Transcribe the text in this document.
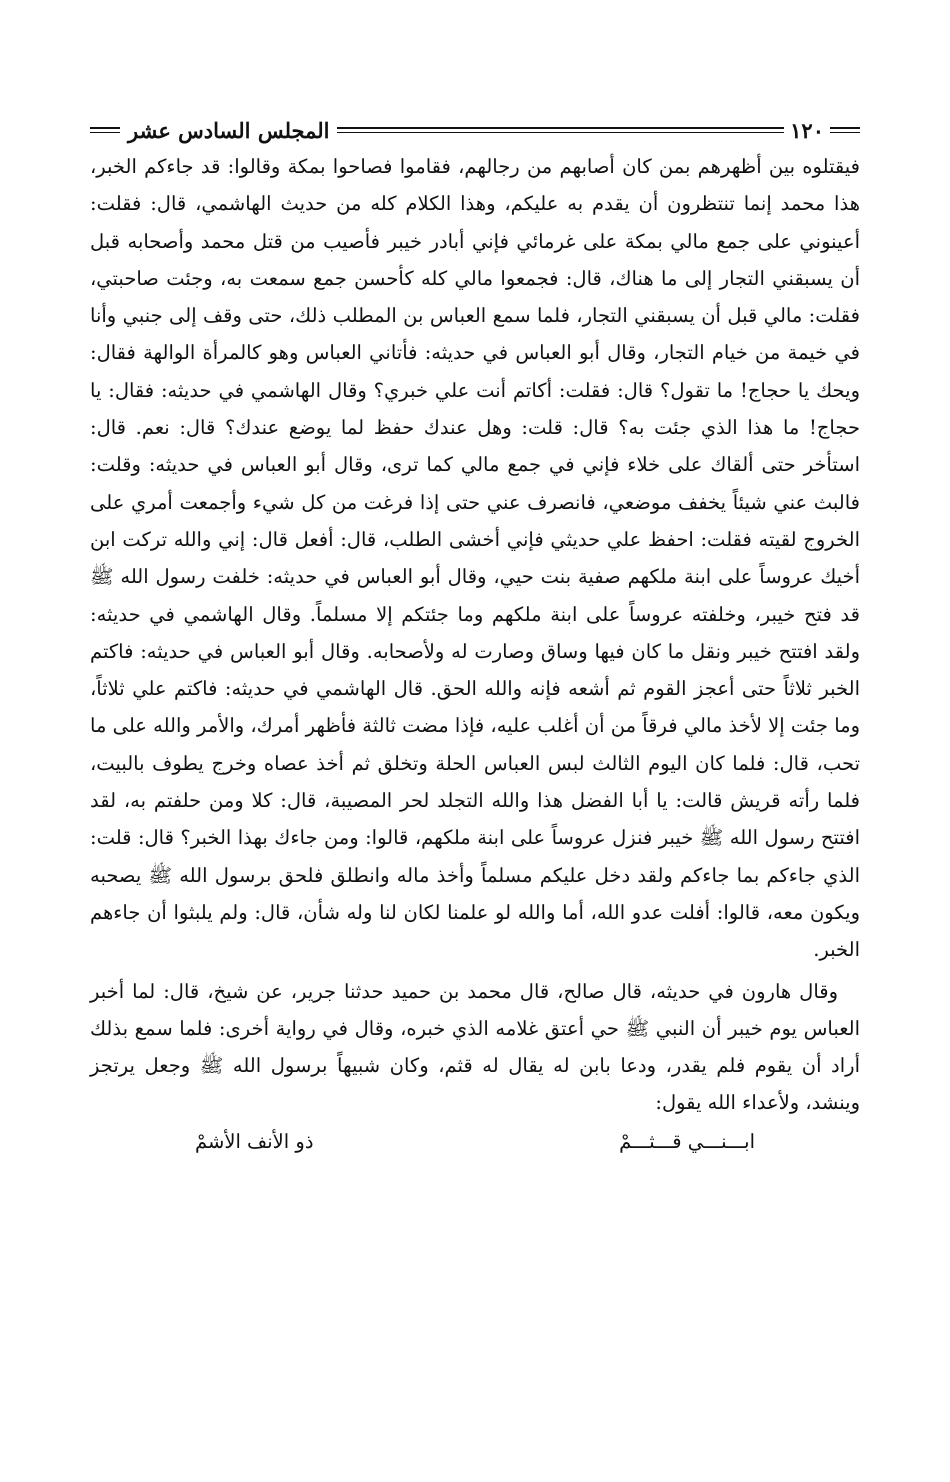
١٢٠
المجلس السادس عشر

فيقتلوه بين أظهرهم بمن كان أصابهم من رجالهم، فقاموا فصاحوا بمكة وقالوا: قد جاءكم الخبر، هذا محمد إنما تنتظرون أن يقدم به عليكم، وهذا الكلام كله من حديث الهاشمي، قال: فقلت: أعينوني على جمع مالي بمكة على غرمائي فإني أبادر خيبر فأصيب من قتل محمد وأصحابه قبل أن يسبقني التجار إلى ما هناك، قال: فجمعوا مالي كله كأحسن جمع سمعت به، وجئت صاحبتي، فقلت: مالي قبل أن يسبقني التجار، فلما سمع العباس بن المطلب ذلك، حتى وقف إلى جنبي وأنا في خيمة من خيام التجار، وقال أبو العباس في حديثه: فأتاني العباس وهو كالمرأة الوالهة فقال: ويحك يا حجاج! ما تقول؟ قال: فقلت: أكاتم أنت علي خبري؟ وقال الهاشمي في حديثه: فقال: يا حجاج! ما هذا الذي جئت به؟ قال: قلت: وهل عندك حفظ لما يوضع عندك؟ قال: نعم. قال: استأخر حتى ألقاك على خلاء فإني في جمع مالي كما ترى، وقال أبو العباس في حديثه: وقلت: فالبث عني شيئاً يخفف موضعي، فانصرف عني حتى إذا فرغت من كل شيء وأجمعت أمري على الخروج لقيته فقلت: احفظ علي حديثي فإني أخشى الطلب، قال: أفعل قال: إني والله تركت ابن أخيك عروساً على ابنة ملكهم صفية بنت حيي، وقال أبو العباس في حديثه: خلفت رسول الله ﷺ قد فتح خيبر، وخلفته عروساً على ابنة ملكهم وما جئتكم إلا مسلماً. وقال الهاشمي في حديثه: ولقد افتتح خيبر ونقل ما كان فيها وساق وصارت له ولأصحابه. وقال أبو العباس في حديثه: فاكتم الخبر ثلاثاً حتى أعجز القوم ثم أشعه فإنه والله الحق. قال الهاشمي في حديثه: فاكتم علي ثلاثاً، وما جئت إلا لأخذ مالي فرقاً من أن أغلب عليه، فإذا مضت ثالثة فأظهر أمرك، والأمر والله على ما تحب، قال: فلما كان اليوم الثالث لبس العباس الحلة وتخلق ثم أخذ عصاه وخرج يطوف بالبيت، فلما رأته قريش قالت: يا أبا الفضل هذا والله التجلد لحر المصيبة، قال: كلا ومن حلفتم به، لقد افتتح رسول الله ﷺ خيبر فنزل عروساً على ابنة ملكهم، قالوا: ومن جاءك بهذا الخبر؟ قال: قلت: الذي جاءكم بما جاءكم ولقد دخل عليكم مسلماً وأخذ ماله وانطلق فلحق برسول الله ﷺ يصحبه ويكون معه، قالوا: أفلت عدو الله، أما والله لو علمنا لكان لنا وله شأن، قال: ولم يلبثوا أن جاءهم الخبر.

وقال هارون في حديثه، قال صالح، قال محمد بن حميد حدثنا جرير، عن شيخ، قال: لما أخبر العباس يوم خيبر أن النبي ﷺ حي أعتق غلامه الذي خبره، وقال في رواية أخرى: فلما سمع بذلك أراد أن يقوم فلم يقدر، ودعا بابن له يقال له قثم، وكان شبيهاً برسول الله ﷺ وجعل يرتجز وينشد، ولأعداء الله يقول:

ابـــنـــي قـــثـــمْ
ذو الأنف الأشمْ
